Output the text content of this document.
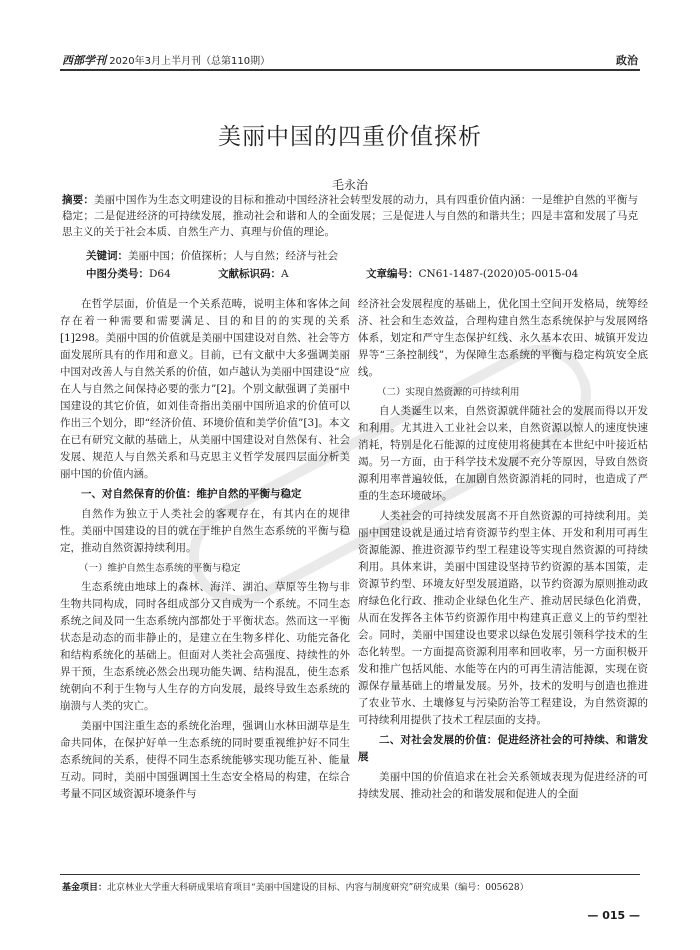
西部学刊 2020年3月上半月刊（总第110期）	政治
美丽中国的四重价值探析
毛永治
摘要：美丽中国作为生态文明建设的目标和推动中国经济社会转型发展的动力，具有四重价值内涵：一是维护自然的平衡与稳定；二是促进经济的可持续发展，推动社会和谐和人的全面发展；三是促进人与自然的和谐共生；四是丰富和发展了马克思主义的关于社会本质、自然生产力、真理与价值的理论。
关键词：美丽中国；价值探析；人与自然；经济与社会
中图分类号：D64	文献标识码：A	文章编号：CN61-1487-(2020)05-0015-04

在哲学层面，价值是一个关系范畴，说明主体和客体之间存在着一种需要和需要满足、目的和目的的实现的关系[1]298。美丽中国的价值就是美丽中国建设对自然、社会等方面发展所具有的作用和意义。目前，已有文献中大多强调美丽中国对改善人与自然关系的价值，如卢越认为美丽中国建设“应在人与自然之间保持必要的张力”[2]。个别文献强调了美丽中国建设的其它价值，如刘佳奇指出美丽中国所追求的价值可以作出三个划分，即“经济价值、环境价值和美学价值”[3]。本文在已有研究文献的基础上，从美丽中国建设对自然保有、社会发展、规范人与自然关系和马克思主义哲学发展四层面分析美丽中国的价值内涵。

一、对自然保育的价值：维护自然的平衡与稳定

自然作为独立于人类社会的客观存在，有其内在的规律性。美丽中国建设的目的就在于维护自然生态系统的平衡与稳定，推动自然资源持续利用。

（一）维护自然生态系统的平衡与稳定

生态系统由地球上的森林、海洋、湖泊、草原等生物与非生物共同构成，同时各组成部分又自成为一个系统。不同生态系统之间及同一生态系统内部都处于平衡状态。然而这一平衡状态是动态的而非静止的，是建立在生物多样化、功能完备化和结构系统化的基础上。但面对人类社会高强度、持续性的外界干预，生态系统必然会出现功能失调、结构混乱，使生态系统朝向不利于生物与人生存的方向发展，最终导致生态系统的崩溃与人类的灾亡。

美丽中国注重生态的系统化治理，强调山水林田湖草是生命共同体，在保护好单一生态系统的同时要重视维护好不同生态系统间的关系，使得不同生态系统能够实现功能互补、能量互动。同时，美丽中国强调国土生态安全格局的构建，在综合考量不同区域资源环境条件与

经济社会发展程度的基础上，优化国土空间开发格局，统筹经济、社会和生态效益，合理构建自然生态系统保护与发展网络体系，划定和严守生态保护红线、永久基本农田、城镇开发边界等“三条控制线”，为保障生态系统的平衡与稳定构筑安全底线。

（二）实现自然资源的可持续利用

自人类诞生以来，自然资源就伴随社会的发展而得以开发和利用。尤其进入工业社会以来，自然资源以惊人的速度快速消耗，特别是化石能源的过度使用将使其在本世纪中叶接近枯竭。另一方面，由于科学技术发展不充分等原因，导致自然资源利用率普遍较低，在加剧自然资源消耗的同时，也造成了严重的生态环境破坏。

人类社会的可持续发展离不开自然资源的可持续利用。美丽中国建设就是通过培育资源节约型主体、开发和利用可再生资源能源、推进资源节约型工程建设等实现自然资源的可持续利用。具体来讲，美丽中国建设坚持节约资源的基本国策，走资源节约型、环境友好型发展道路，以节约资源为原则推动政府绿色化行政、推动企业绿色化生产、推动居民绿色化消费，从而在发挥各主体节约资源作用中构建真正意义上的节约型社会。同时，美丽中国建设也要求以绿色发展引领科学技术的生态化转型。一方面提高资源利用率和回收率，另一方面积极开发和推广包括风能、水能等在内的可再生清洁能源，实现在资源保存量基础上的增量发展。另外，技术的发明与创造也推进了农业节水、土壤修复与污染防治等工程建设，为自然资源的可持续利用提供了技术工程层面的支持。

二、对社会发展的价值：促进经济社会的可持续、和谐发展

美丽中国的价值追求在社会关系领域表现为促进经济的可持续发展、推动社会的和谐发展和促进人的全面

基金项目：北京林业大学重大科研成果培育项目“美丽中国建设的目标、内容与制度研究”研究成果（编号：005628）
— 015 —
